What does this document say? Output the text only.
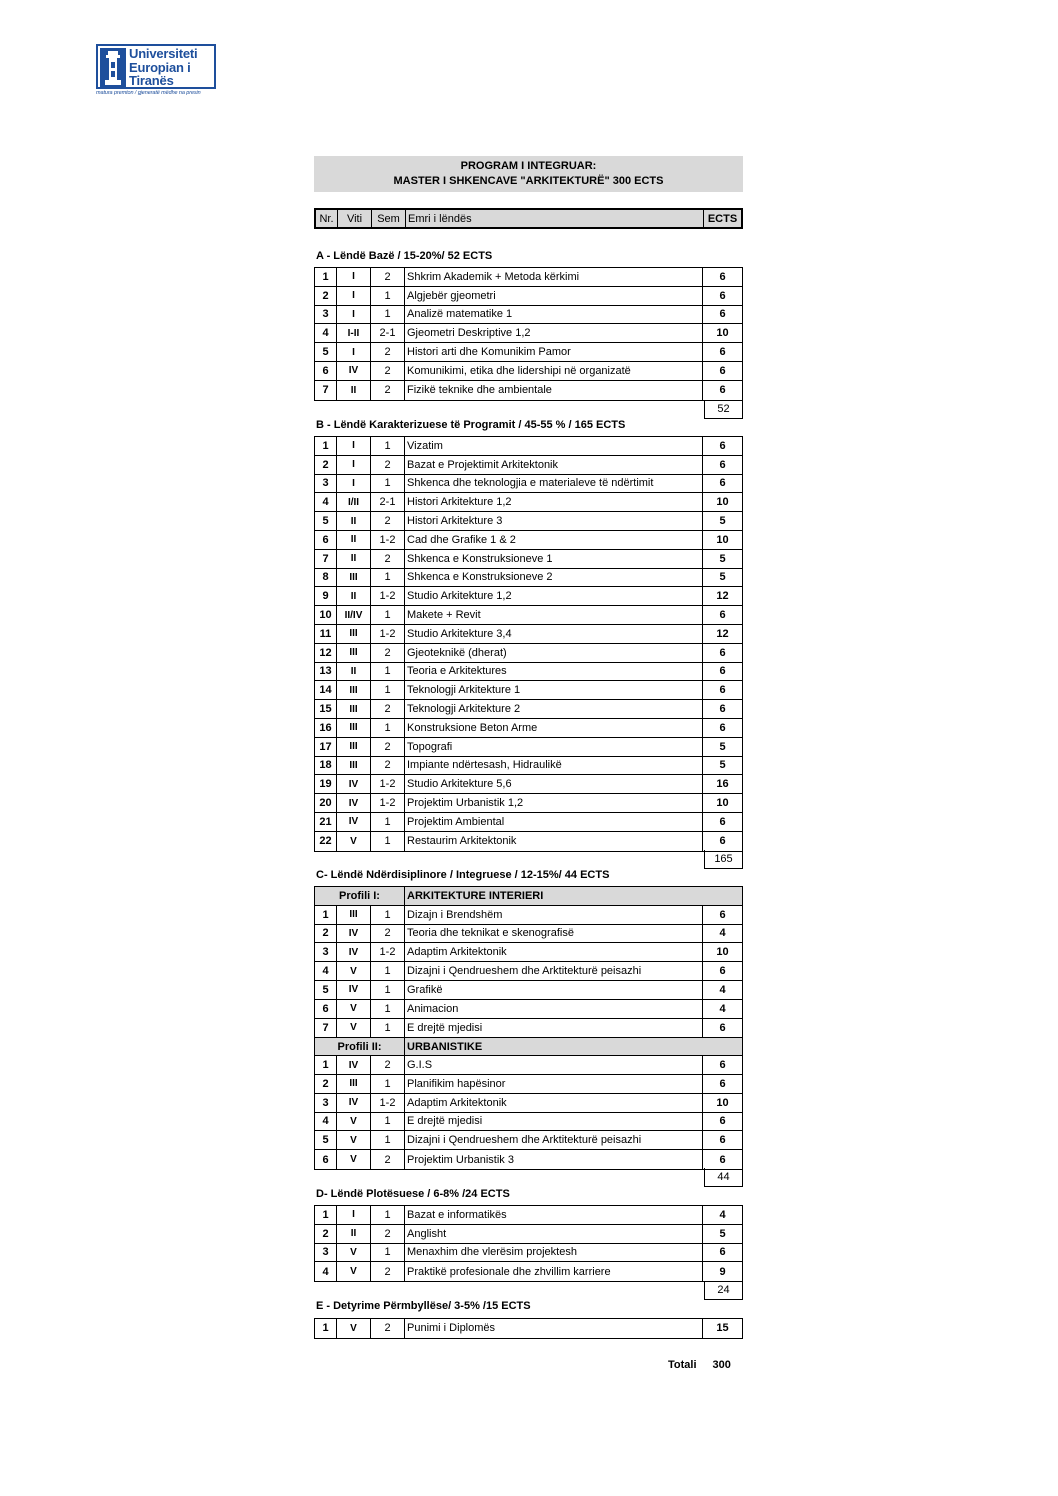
Universiteti
Europian i
Tiranës
matura premton / gjeneratë mëdhe na presin
PROGRAM I INTEGRUAR:
MASTER I SHKENCAVE "ARKITEKTURË" 300 ECTS
Nr.	Viti	Sem Emri i lëndës	ECTS
A - Lëndë Bazë / 15-20%/ 52 ECTS
1	I	2	Shkrim Akademik + Metoda kërkimi	6
2	I	1	Algjebër gjeometri	6
3	I	1	Analizë matematike 1	6
4	I-II	2-1	Gjeometri Deskriptive 1,2	10
5	I	2	Histori arti dhe Komunikim Pamor	6
6	IV	2	Komunikimi, etika dhe lidershipi në organizatë	6
7	II	2	Fizikë teknike dhe ambientale	6
52
B - Lëndë Karakterizuese të Programit / 45-55 % / 165 ECTS
1	I	1	Vizatim	6
2	I	2	Bazat e Projektimit Arkitektonik	6
3	I	1	Shkenca dhe teknologjia e materialeve të ndërtimit	6
4	I/II	2-1	Histori Arkitekture 1,2	10
5	II	2	Histori Arkitekture 3	5
6	II	1-2	Cad dhe Grafike 1 & 2	10
7	II	2	Shkenca e Konstruksioneve 1	5
8	III	1	Shkenca e Konstruksioneve 2	5
9	II	1-2	Studio Arkitekture 1,2	12
10	II/IV	1	Makete + Revit	6
11	III	1-2	Studio Arkitekture 3,4	12
12	III	2	Gjeoteknikë (dherat)	6
13	II	1	Teoria e Arkitektures	6
14	III	1	Teknologji Arkitekture 1	6
15	III	2	Teknologji Arkitekture 2	6
16	III	1	Konstruksione Beton Arme	6
17	III	2	Topografi	5
18	III	2	Impiante ndërtesash, Hidraulikë	5
19	IV	1-2	Studio Arkitekture 5,6	16
20	IV	1-2	Projektim Urbanistik 1,2	10
21	IV	1	Projektim Ambiental	6
22	V	1	Restaurim Arkitektonik	6
165
C- Lëndë Ndërdisiplinore / Integruese / 12-15%/ 44 ECTS
Profili I:	ARKITEKTURE INTERIERI
1	III	1	Dizajn i Brendshëm	6
2	IV	2	Teoria dhe teknikat e skenografisë	4
3	IV	1-2	Adaptim Arkitektonik	10
4	V	1	Dizajni i Qendrueshem dhe Arktitekturë peisazhi	6
5	IV	1	Grafikë	4
6	V	1	Animacion	4
7	V	1	E drejtë mjedisi	6
Profili II:	URBANISTIKE
1	IV	2	G.I.S	6
2	III	1	Planifikim hapësinor	6
3	IV	1-2	Adaptim Arkitektonik	10
4	V	1	E drejtë mjedisi	6
5	V	1	Dizajni i Qendrueshem dhe Arktitekturë peisazhi	6
6	V	2	Projektim Urbanistik 3	6
44
D- Lëndë Plotësuese / 6-8% /24 ECTS
1	I	1	Bazat e informatikës	4
2	II	2	Anglisht	5
3	V	1	Menaxhim dhe vlerësim projektesh	6
4	V	2	Praktikë profesionale dhe zhvillim karriere	9
24
E - Detyrime Përmbyllëse/ 3-5% /15 ECTS
1	V	2	Punimi i Diplomës	15
Totali 300
